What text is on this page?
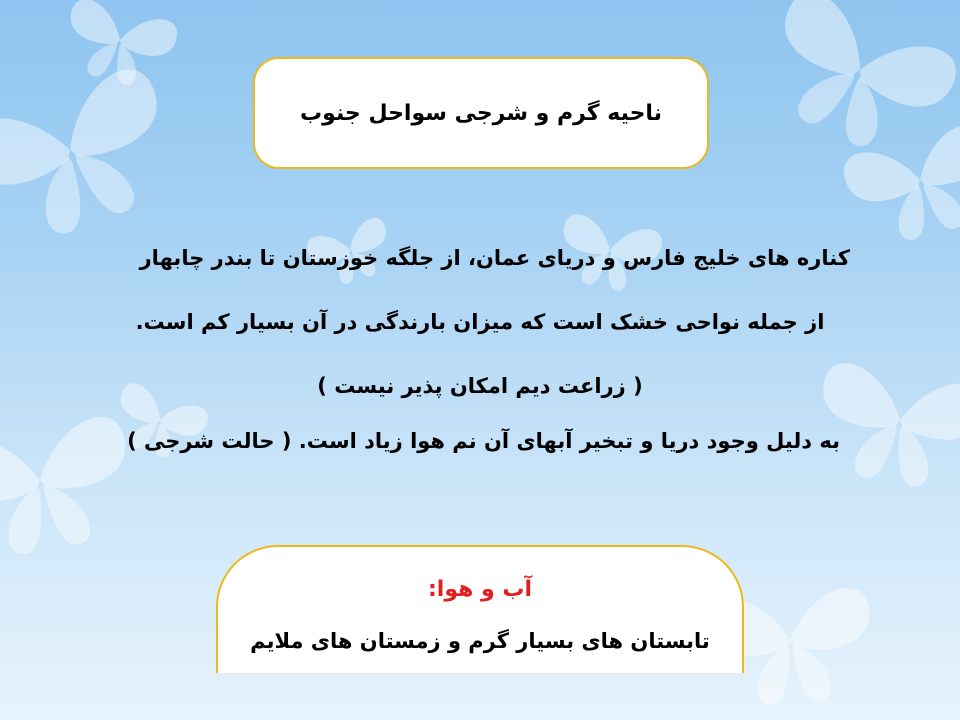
ناحیه گرم و شرجی سواحل جنوب
کناره های خلیج فارس و دریای عمان، از جلگه خوزستان تا بندر چابهار
از جمله نواحی خشک است که میزان بارندگی در آن بسیار کم است.
( زراعت دیم امکان پذیر نیست )
به دلیل وجود دریا و تبخیر آبهای آن نم هوا زیاد است. ( حالت شرجی )
آب و هوا:
تابستان های بسیار گرم و زمستان های ملایم
